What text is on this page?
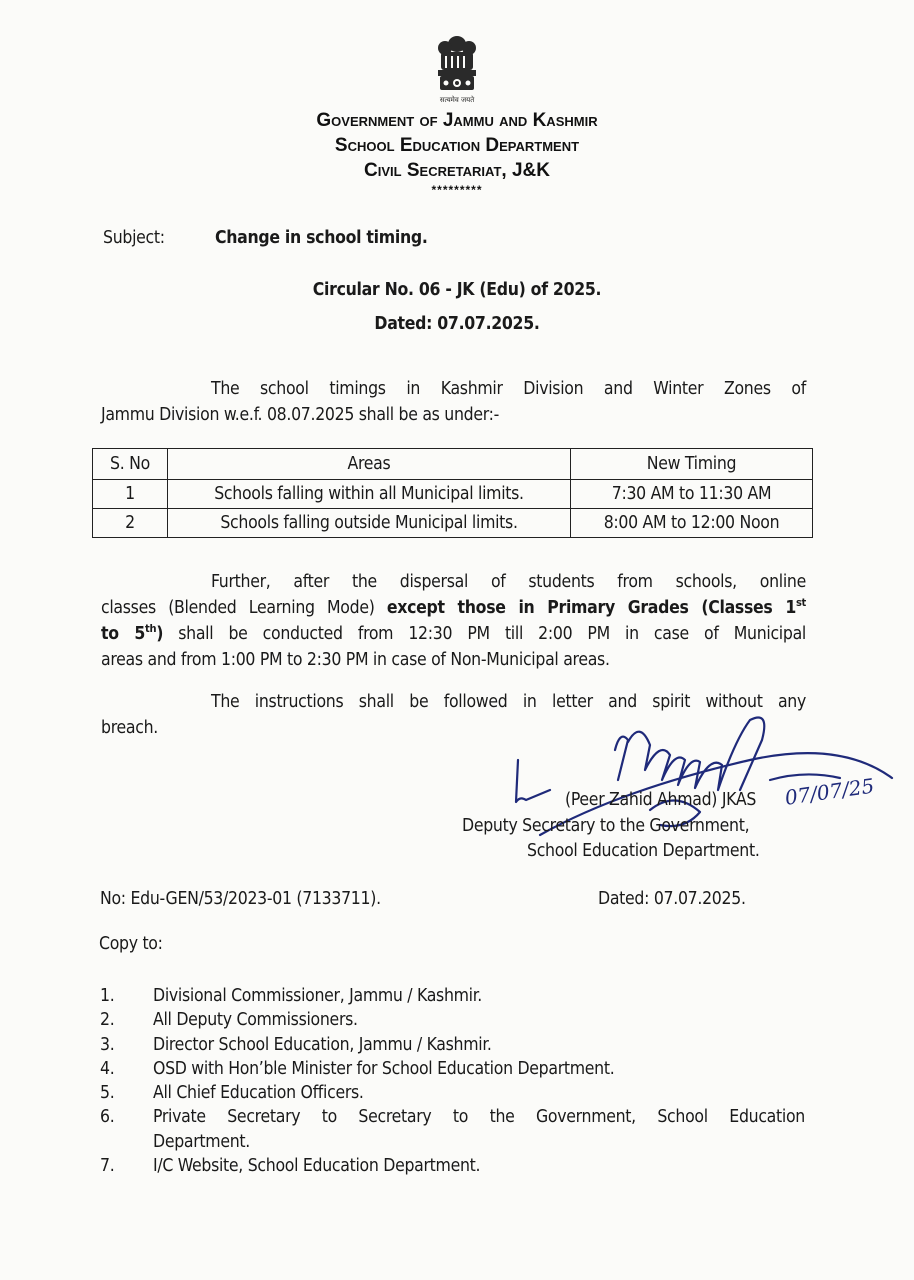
सत्यमेव जयते
Government of Jammu and Kashmir
School Education Department
Civil Secretariat, J&K
*********
Subject:	Change in school timing.
Circular No. 06 - JK (Edu) of 2025.
Dated: 07.07.2025.
The school timings in Kashmir Division and Winter Zones of
Jammu Division w.e.f. 08.07.2025 shall be as under:-
S. No	Areas	New Timing
1	Schools falling within all Municipal limits.	7:30 AM to 11:30 AM
2	Schools falling outside Municipal limits.	8:00 AM to 12:00 Noon
Further, after the dispersal of students from schools, online
classes (Blended Learning Mode) except those in Primary Grades (Classes 1st
to 5th) shall be conducted from 12:30 PM till 2:00 PM in case of Municipal
areas and from 1:00 PM to 2:30 PM in case of Non-Municipal areas.
The instructions shall be followed in letter and spirit without any
breach.
07/07/25
(Peer Zahid Ahmad) JKAS
Deputy Secretary to the Government,
School Education Department.
No: Edu-GEN/53/2023-01 (7133711).	Dated: 07.07.2025.
Copy to:
1.	Divisional Commissioner, Jammu / Kashmir.
2.	All Deputy Commissioners.
3.	Director School Education, Jammu / Kashmir.
4.	OSD with Hon’ble Minister for School Education Department.
5.	All Chief Education Officers.
6.	Private Secretary to Secretary to the Government, School Education
Department.
7.	I/C Website, School Education Department.
